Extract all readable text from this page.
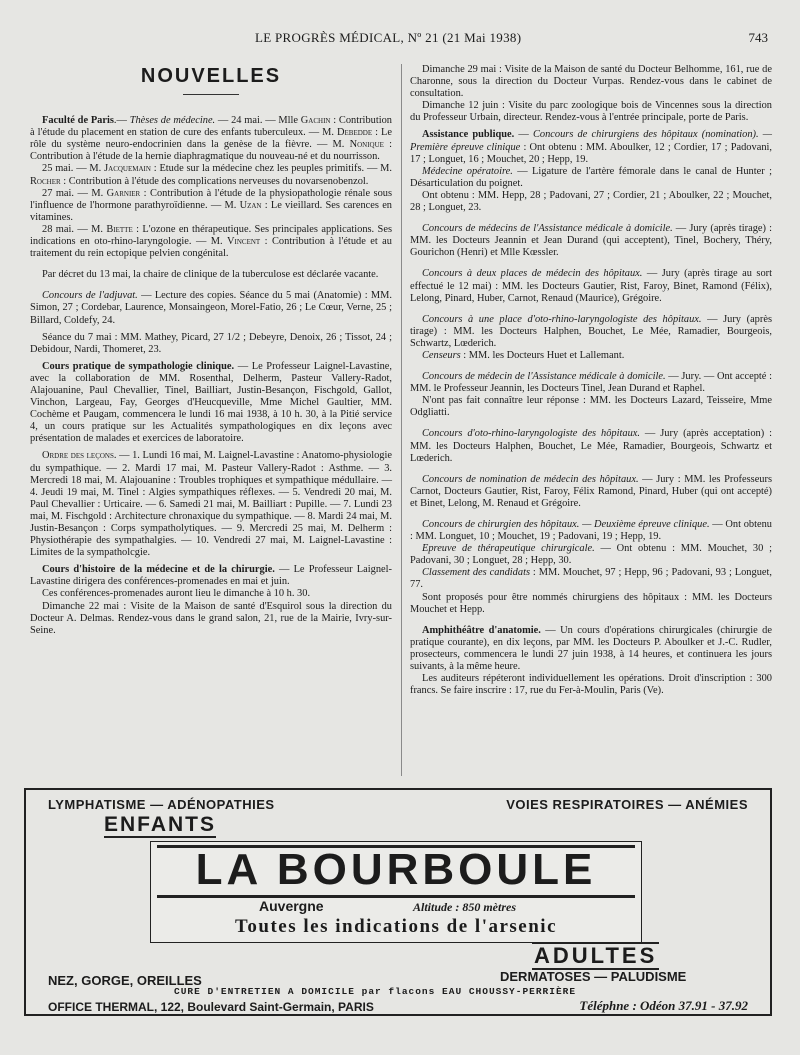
LE PROGRÈS MÉDICAL, Nº 21 (21 Mai 1938)	743
NOUVELLES

Faculté de Paris.— Thèses de médecine. — 24 mai. — Mlle Gachin : Contribution à l'étude du placement en station de cure des enfants tuberculeux. — M. Debedde : Le rôle du système neuro-endocrinien dans la genèse de la fièvre. — M. Nonique : Contribution à l'étude de la hernie diaphragmatique du nouveau-né et du nourrisson.

25 mai. — M. Jacquemain : Etude sur la médecine chez les peuples primitifs. — M. Rocher : Contribution à l'étude des complications nerveuses du novarsenobenzol.

27 mai. — M. Garnier : Contribution à l'étude de la physiopathologie rénale sous l'influence de l'hormone parathyroïdienne. — M. Uzan : Le vieillard. Ses carences en vitamines.

28 mai. — M. Biette : L'ozone en thérapeutique. Ses principales applications. Ses indications en oto-rhino-laryngologie. — M. Vincent : Contribution à l'étude et au traitement du rein ectopique pelvien congénital.

Par décret du 13 mai, la chaire de clinique de la tuberculose est déclarée vacante.

Concours de l'adjuvat. — Lecture des copies. Séance du 5 mai (Anatomie) : MM. Simon, 27 ; Cordebar, Laurence, Monsaingeon, Morel-Fatio, 26 ; Le Cœur, Verne, 25 ; Billard, Coldefy, 24.

Séance du 7 mai : MM. Mathey, Picard, 27 1/2 ; Debeyre, Denoix, 26 ; Tissot, 24 ; Debidour, Nardi, Thomeret, 23.

Cours pratique de sympathologie clinique. — Le Professeur Laignel-Lavastine, avec la collaboration de MM. Rosenthal, Delherm, Pasteur Vallery-Radot, Alajouanine, Paul Chevallier, Tinel, Bailliart, Justin-Besançon, Fischgold, Gallot, Vinchon, Largeau, Fay, Georges d'Heucqueville, Mme Michel Gaultier, MM. Cochème et Paugam, commencera le lundi 16 mai 1938, à 10 h. 30, à la Pitié service 4, un cours pratique sur les Actualités sympathologiques en dix leçons avec présentation de malades et exercices de laboratoire.

Ordre des leçons. — 1. Lundi 16 mai, M. Laignel-Lavastine : Anatomo-physiologie du sympathique. — 2. Mardi 17 mai, M. Pasteur Vallery-Radot : Asthme. — 3. Mercredi 18 mai, M. Alajouanine : Troubles trophiques et sympathique médullaire. — 4. Jeudi 19 mai, M. Tinel : Algies sympathiques réflexes. — 5. Vendredi 20 mai, M. Paul Chevallier : Urticaire. — 6. Samedi 21 mai, M. Bailliart : Pupille. — 7. Lundi 23 mai, M. Fischgold : Architecture chronaxique du sympathique. — 8. Mardi 24 mai, M. Justin-Besançon : Corps sympatholytiques. — 9. Mercredi 25 mai, M. Delherm : Physiothérapie des sympathalgies. — 10. Vendredi 27 mai, M. Laignel-Lavastine : Limites de la sympatholcgie.

Cours d'histoire de la médecine et de la chirurgie. — Le Professeur Laignel-Lavastine dirigera des conférences-promenades en mai et juin.

Ces conférences-promenades auront lieu le dimanche à 10 h. 30.

Dimanche 22 mai : Visite de la Maison de santé d'Esquirol sous la direction du Docteur A. Delmas. Rendez-vous dans le grand salon, 21, rue de la Mairie, Ivry-sur-Seine.

Dimanche 29 mai : Visite de la Maison de santé du Docteur Belhomme, 161, rue de Charonne, sous la direction du Docteur Vurpas. Rendez-vous dans le cabinet de consultation.

Dimanche 12 juin : Visite du parc zoologique bois de Vincennes sous la direction du Professeur Urbain, directeur. Rendez-vous à l'entrée principale, porte de Paris.

Assistance publique. — Concours de chirurgiens des hôpitaux (nomination). — Première épreuve clinique : Ont obtenu : MM. Aboulker, 12 ; Cordier, 17 ; Padovani, 17 ; Longuet, 16 ; Mouchet, 20 ; Hepp, 19.

Médecine opératoire. — Ligature de l'artère fémorale dans le canal de Hunter ; Désarticulation du poignet.

Ont obtenu : MM. Hepp, 28 ; Padovani, 27 ; Cordier, 21 ; Aboulker, 22 ; Mouchet, 28 ; Longuet, 23.

Concours de médecins de l'Assistance médicale à domicile. — Jury (après tirage) : MM. les Docteurs Jeannin et Jean Durand (qui acceptent), Tinel, Bochery, Théry, Gourichon (Henri) et Mlle Kœssler.

Concours à deux places de médecin des hôpitaux. — Jury (après tirage au sort effectué le 12 mai) : MM. les Docteurs Gautier, Rist, Faroy, Binet, Ramond (Félix), Lelong, Pinard, Huber, Carnot, Renaud (Maurice), Grégoire.

Concours à une place d'oto-rhino-laryngologiste des hôpitaux. — Jury (après tirage) : MM. les Docteurs Halphen, Bouchet, Le Mée, Ramadier, Bourgeois, Schwartz, Lœderich.

Censeurs : MM. les Docteurs Huet et Lallemant.

Concours de médecin de l'Assistance médicale à domicile. — Jury. — Ont accepté : MM. le Professeur Jeannin, les Docteurs Tinel, Jean Durand et Raphel.

N'ont pas fait connaître leur réponse : MM. les Docteurs Lazard, Teisseire, Mme Odgliatti.

Concours d'oto-rhino-laryngologiste des hôpitaux. — Jury (après acceptation) : MM. les Docteurs Halphen, Bouchet, Le Mée, Ramadier, Bourgeois, Schwartz et Lœderich.

Concours de nomination de médecin des hôpitaux. — Jury : MM. les Professeurs Carnot, Docteurs Gautier, Rist, Faroy, Félix Ramond, Pinard, Huber (qui ont accepté) et Binet, Lelong, M. Renaud et Grégoire.

Concours de chirurgien des hôpitaux. — Deuxième épreuve clinique. — Ont obtenu : MM. Longuet, 10 ; Mouchet, 19 ; Padovani, 19 ; Hepp, 19.

Epreuve de thérapeutique chirurgicale. — Ont obtenu : MM. Mouchet, 30 ; Padovani, 30 ; Longuet, 28 ; Hepp, 30.

Classement des candidats : MM. Mouchet, 97 ; Hepp, 96 ; Padovani, 93 ; Longuet, 77.

Sont proposés pour être nommés chirurgiens des hôpitaux : MM. les Docteurs Mouchet et Hepp.

Amphithéâtre d'anatomie. — Un cours d'opérations chirurgicales (chirurgie de pratique courante), en dix leçons, par MM. les Docteurs P. Aboulker et J.-C. Rudler, prosecteurs, commencera le lundi 27 juin 1938, à 14 heures, et continuera les jours suivants, à la même heure.

Les auditeurs répéteront individuellement les opérations. Droit d'inscription : 300 francs. Se faire inscrire : 17, rue du Fer-à-Moulin, Paris (Ve).

LYMPHATISME — ADÉNOPATHIES	VOIES RESPIRATOIRES — ANÉMIES
ENFANTS
LA BOURBOULE
Auvergne	Altitude : 850 mètres
Toutes les indications de l'arsenic
ADULTES
NEZ, GORGE, OREILLES	DERMATOSES — PALUDISME
CURE D'ENTRETIEN A DOMICILE par flacons EAU CHOUSSY-PERRIÈRE
OFFICE THERMAL, 122, Boulevard Saint-Germain, PARIS	Téléphne : Odéon 37.91 - 37.92
